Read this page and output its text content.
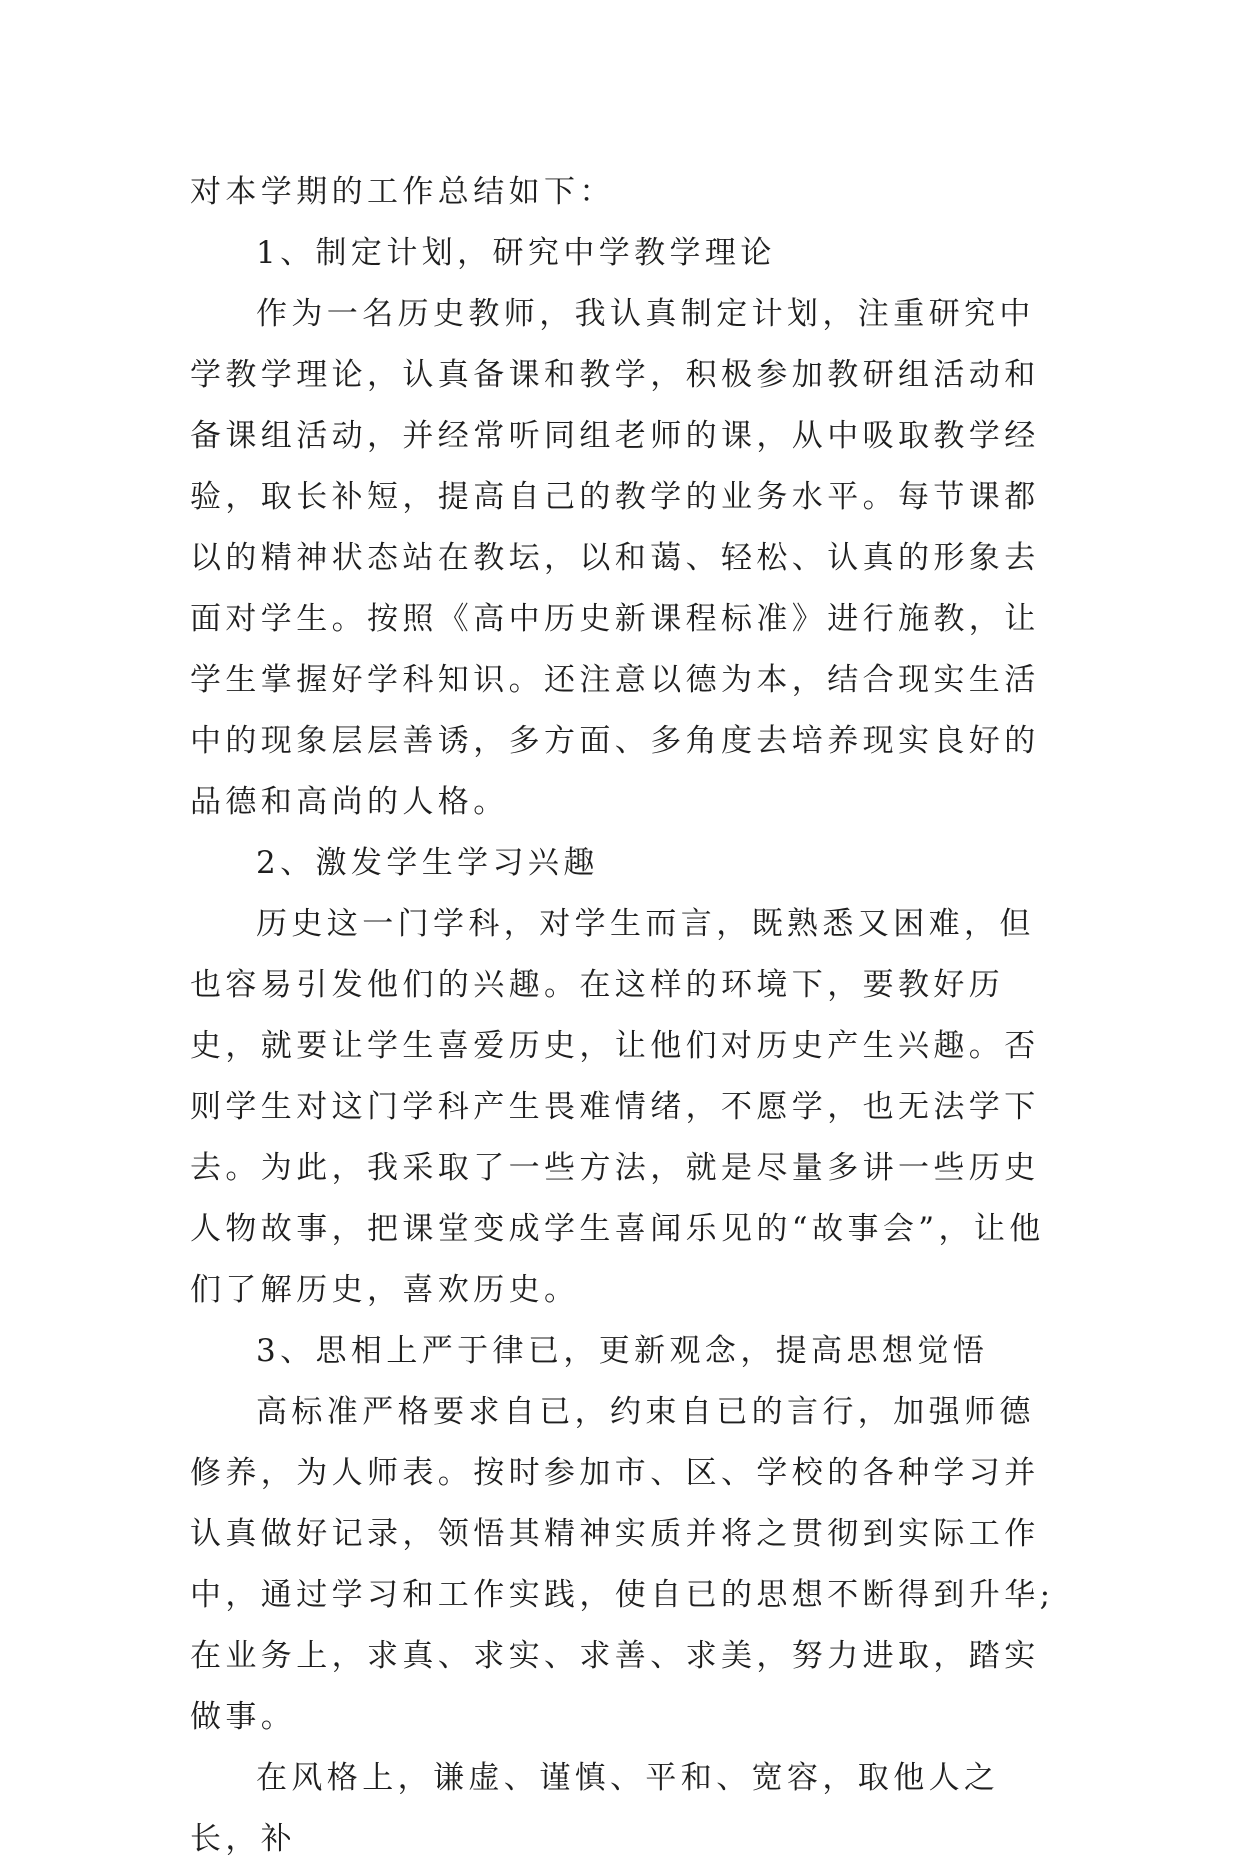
对本学期的工作总结如下：

1、制定计划，研究中学教学理论

作为一名历史教师，我认真制定计划，注重研究中学教学理论，认真备课和教学，积极参加教研组活动和备课组活动，并经常听同组老师的课，从中吸取教学经验，取长补短，提高自己的教学的业务水平。每节课都以的精神状态站在教坛，以和蔼、轻松、认真的形象去面对学生。按照《高中历史新课程标准》进行施教，让学生掌握好学科知识。还注意以德为本，结合现实生活中的现象层层善诱，多方面、多角度去培养现实良好的品德和高尚的人格。

2、激发学生学习兴趣

历史这一门学科，对学生而言，既熟悉又困难，但也容易引发他们的兴趣。在这样的环境下，要教好历史，就要让学生喜爱历史，让他们对历史产生兴趣。否则学生对这门学科产生畏难情绪，不愿学，也无法学下去。为此，我采取了一些方法，就是尽量多讲一些历史人物故事，把课堂变成学生喜闻乐见的“故事会”，让他们了解历史，喜欢历史。

3、思相上严于律已，更新观念，提高思想觉悟

高标准严格要求自已，约束自已的言行，加强师德修养，为人师表。按时参加市、区、学校的各种学习并认真做好记录，领悟其精神实质并将之贯彻到实际工作中，通过学习和工作实践，使自已的思想不断得到升华;在业务上，求真、求实、求善、求美，努力进取，踏实做事。

在风格上，谦虚、谨慎、平和、宽容，取他人之长，补
